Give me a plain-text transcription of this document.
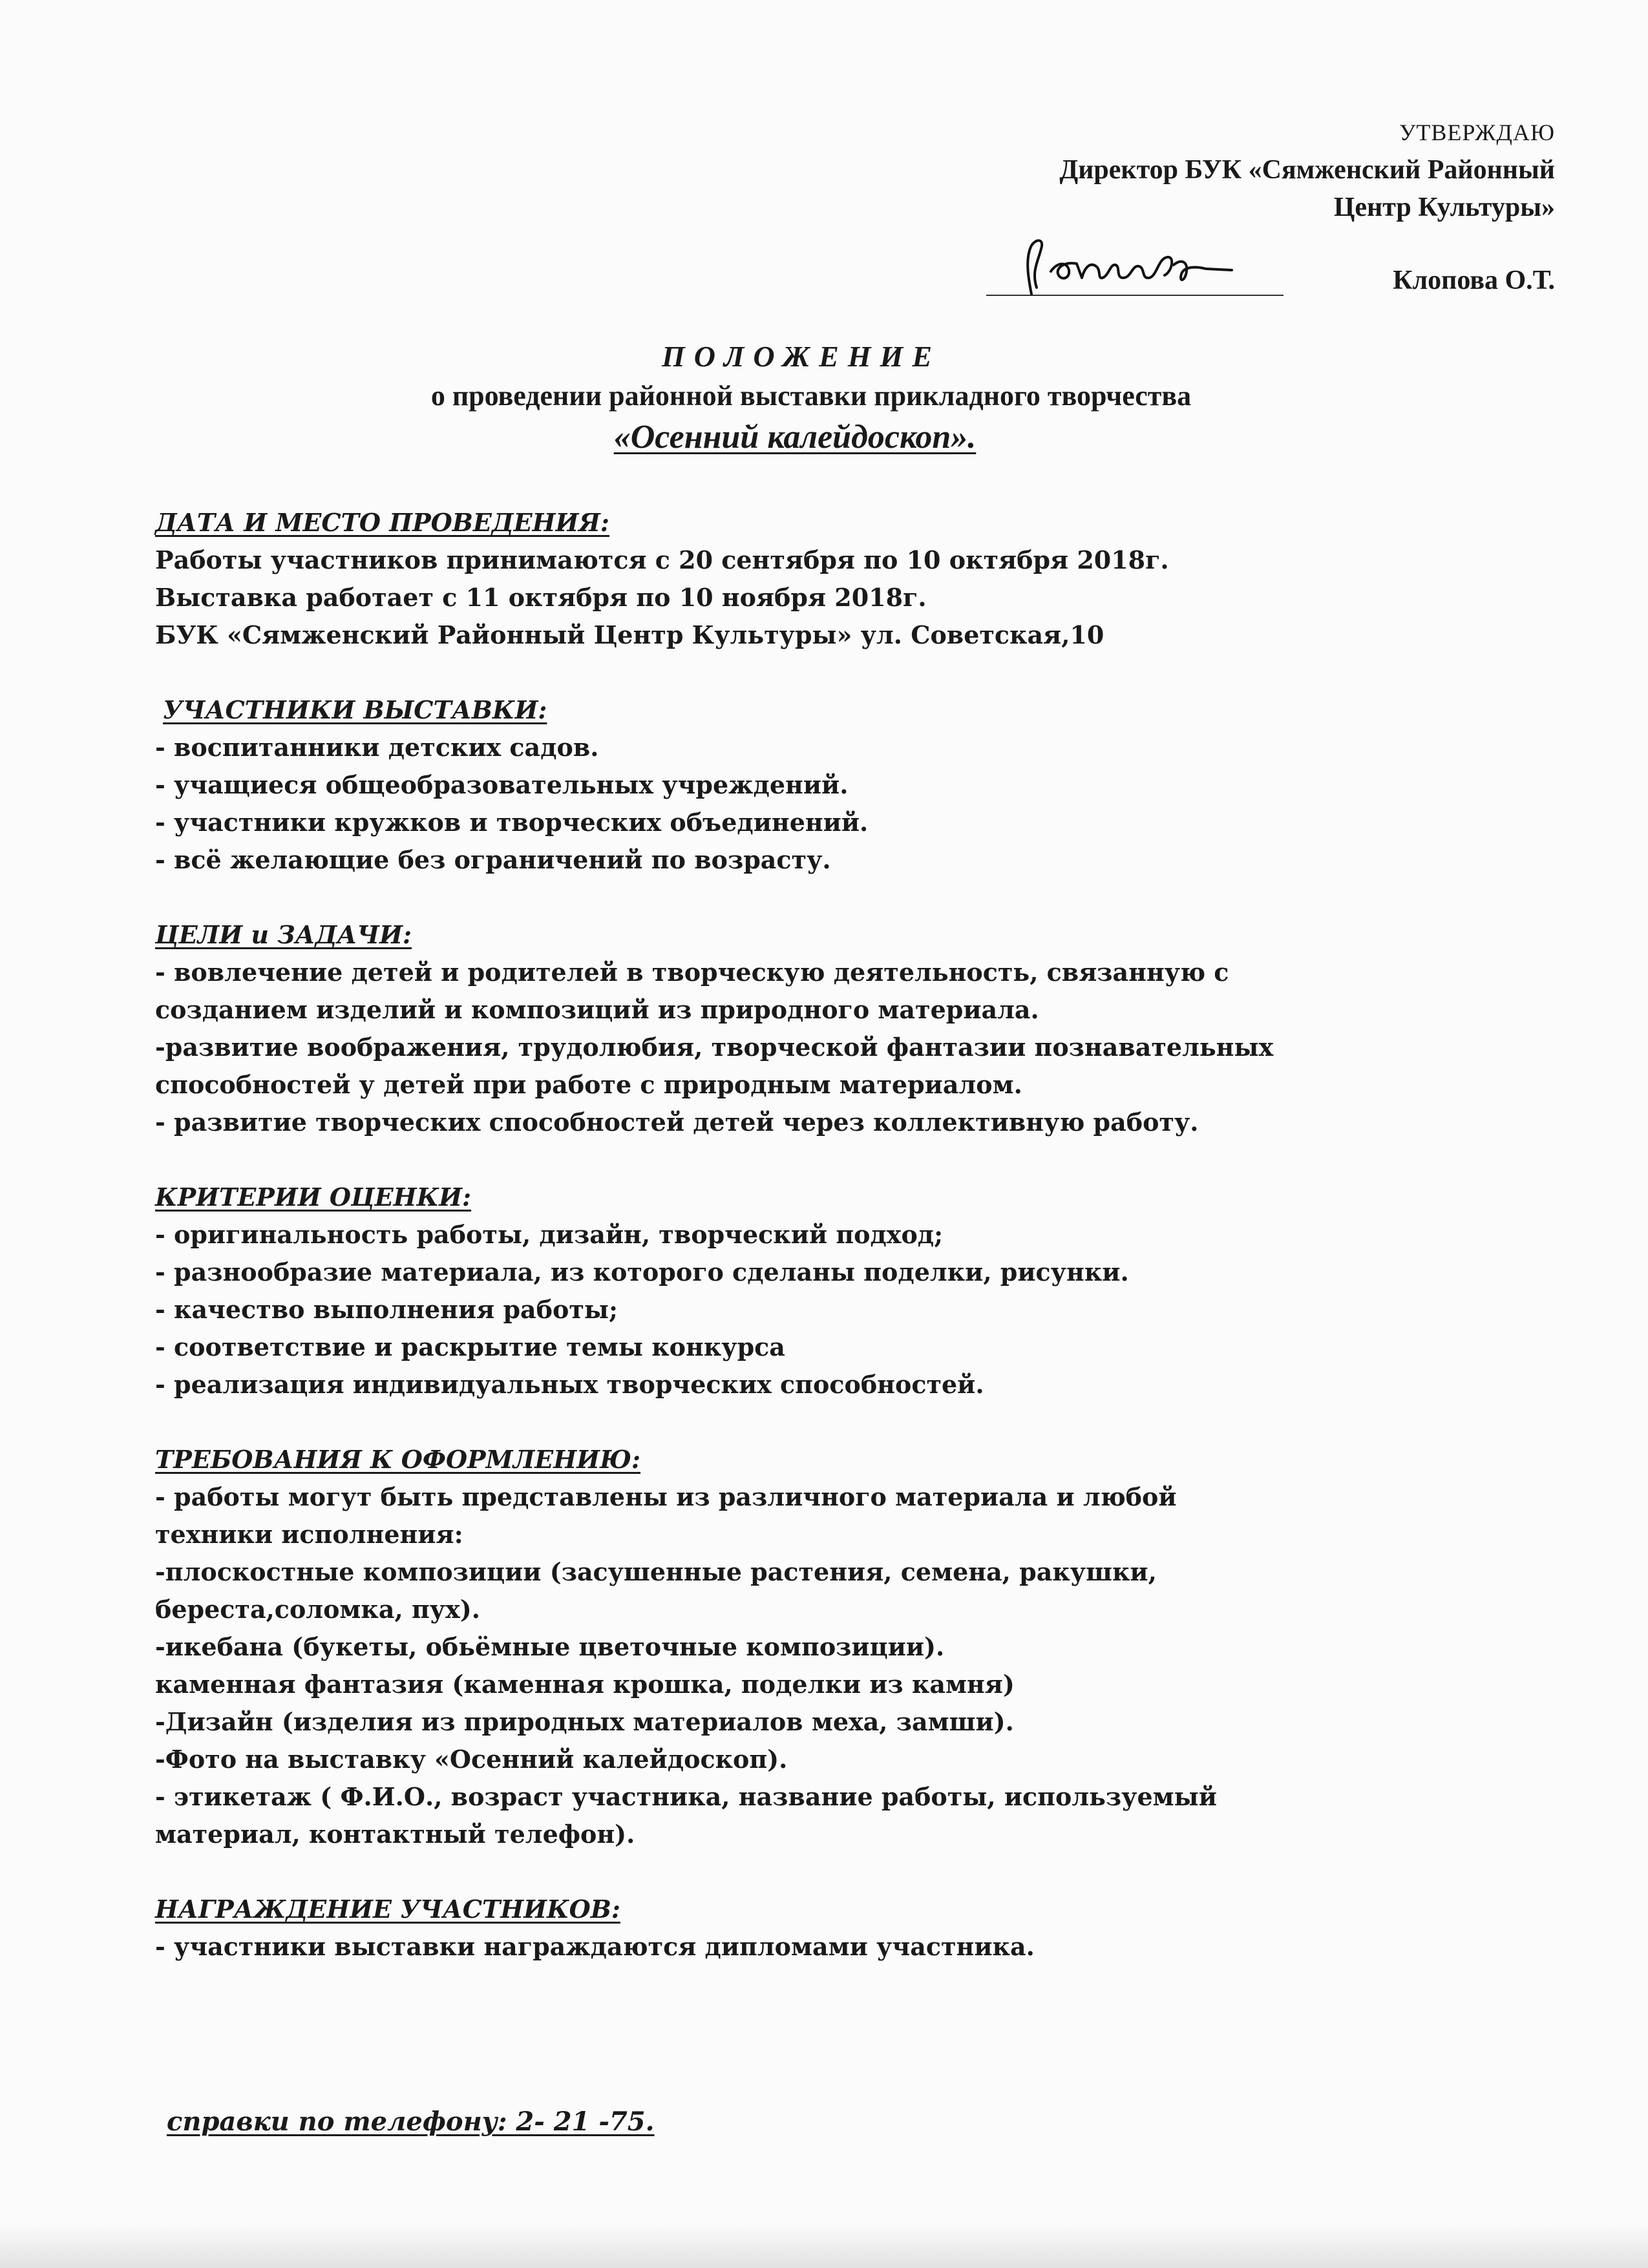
УТВЕРЖДАЮ
Директор БУК «Сямженский Районный
Центр Культуры»
Клопова О.Т.
ПОЛОЖЕНИЕ
о проведении районной выставки прикладного творчества
«Осенний калейдоскоп».

ДАТА И МЕСТО ПРОВЕДЕНИЯ:

Работы участников принимаются с 20 сентября по 10 октября 2018г.

Выставка работает с 11 октября по 10 ноября 2018г.

БУК «Сямженский Районный Центр Культуры» ул. Советская,10

УЧАСТНИКИ ВЫСТАВКИ:

- воспитанники детских садов.

- учащиеся общеобразовательных учреждений.

- участники кружков и творческих объединений.

- всё желающие без ограничений по возрасту.

ЦЕЛИ и ЗАДАЧИ:

- вовлечение детей и родителей в творческую деятельность, связанную с

созданием изделий и композиций из природного материала.

-развитие воображения, трудолюбия, творческой фантазии познавательных

способностей у детей при работе с природным материалом.

- развитие творческих способностей детей через коллективную работу.

КРИТЕРИИ ОЦЕНКИ:

- оригинальность работы, дизайн, творческий подход;

- разнообразие материала, из которого сделаны поделки, рисунки.

- качество выполнения работы;

- соответствие и раскрытие темы конкурса

- реализация индивидуальных творческих способностей.

ТРЕБОВАНИЯ К ОФОРМЛЕНИЮ:

- работы могут быть представлены из различного материала и любой

техники исполнения:

-плоскостные композиции (засушенные растения, семена, ракушки,

береста,соломка, пух).

-икебана (букеты, обьёмные цветочные композиции).

каменная фантазия (каменная крошка, поделки из камня)

-Дизайн (изделия из природных материалов меха, замши).

-Фото на выставку «Осенний калейдоскоп).

- этикетаж ( Ф.И.О., возраст участника, название работы, используемый

материал, контактный телефон).

НАГРАЖДЕНИЕ УЧАСТНИКОВ:

- участники выставки награждаются дипломами участника.

справки по телефону: 2- 21 -75.
